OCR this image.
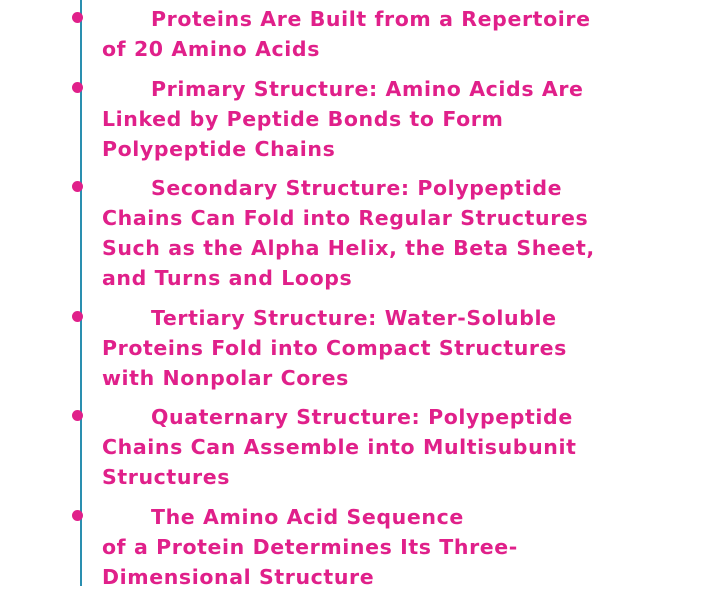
Proteins Are Built from a Repertoire
of 20 Amino Acids
Primary Structure: Amino Acids Are
Linked by Peptide Bonds to Form
Polypeptide Chains
Secondary Structure: Polypeptide
Chains Can Fold into Regular Structures
Such as the Alpha Helix, the Beta Sheet,
and Turns and Loops
Tertiary Structure: Water-Soluble
Proteins Fold into Compact Structures
with Nonpolar Cores
Quaternary Structure: Polypeptide
Chains Can Assemble into Multisubunit
Structures
The Amino Acid Sequence
of a Protein Determines Its Three-
Dimensional Structure
